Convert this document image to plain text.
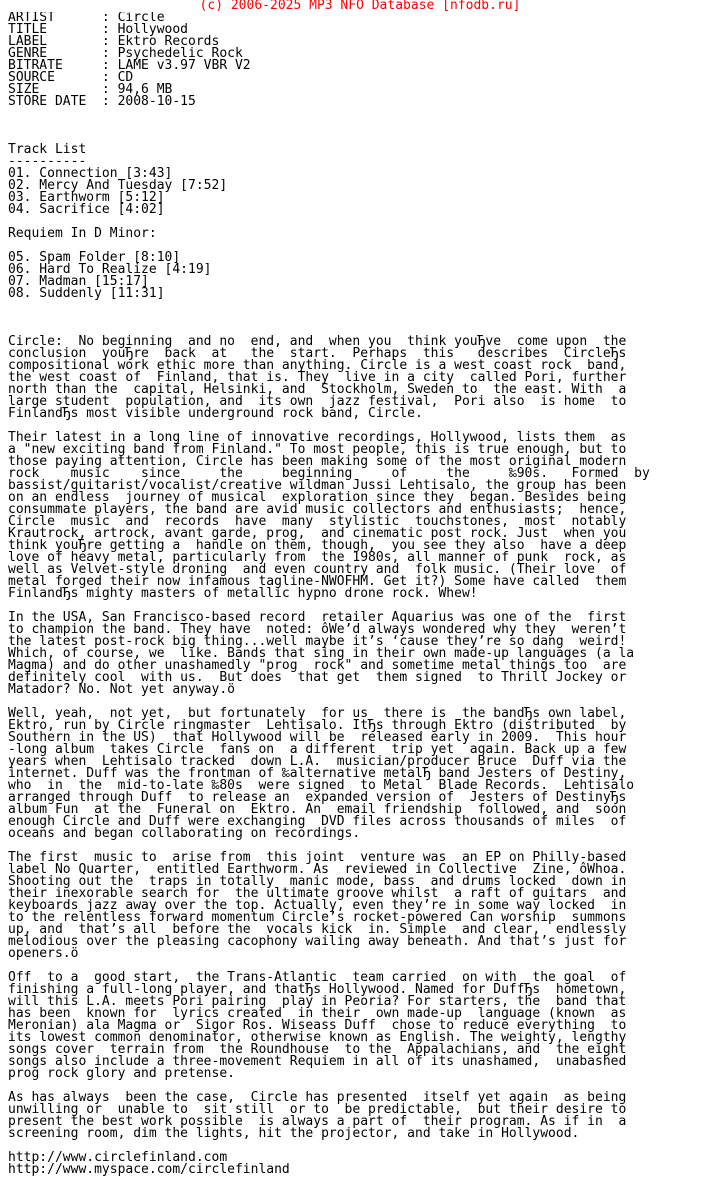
(c) 2006-2025 MP3 NFO Database [nfodb.ru]
ARTIST      : Circle
TITLE       : Hollywood
LABEL       : Ektro Records
GENRE       : Psychedelic Rock
BITRATE     : LAME v3.97 VBR V2
SOURCE      : CD
SIZE        : 94,6 MB
STORE DATE  : 2008-10-15
Track List
----------
01. Connection [3:43]
02. Mercy And Tuesday [7:52]
03. Earthworm [5:12]
04. Sacrifice [4:02]
Requiem In D Minor:
05. Spam Folder [8:10]
06. Hard To Realize [4:19]
07. Madman [15:17]
08. Suddenly [11:31]
Circle:  No beginning  and no  end, and  when you  think youЂve  come upon  the
conclusion  youЂre  back  at   the  start.  Perhaps  this   describes  CircleЂs
compositional work ethic more than anything. Circle is a west coast rock  band,
the west coast of  Finland, that is. They  live in a city  called Pori, further
north than the  capital, Helsinki, and  Stockholm, Sweden to  the east. With  a
large student  population, and  its own  jazz festival,  Pori also  is home  to
FinlandЂs most visible underground rock band, Circle.
Their latest in a long line of innovative recordings, Hollywood, lists them  as
a "new exciting band from Finland." To most people, this is true enough, but to
those paying attention, Circle has been making some of the most original modern
rock    music    since     the     beginning     of     the     ‰90s.   Formed  by
bassist/guitarist/vocalist/creative wildman Jussi Lehtisalo, the group has been
on an endless  journey of musical  exploration since they  began. Besides being
consummate players, the band are avid music collectors and enthusiasts;  hence,
Circle  music  and  records  have  many  stylistic  touchstones,  most  notably
Krautrock, artrock, avant garde, prog,  and cinematic post rock. Just  when you
think youЂre getting a  handle on them, though,  you see they also  have a deep
love of heavy metal, particularly from  the 1980s, all manner of punk  rock, as
well as Velvet-style droning  and even country and  folk music. (Their love  of
metal forged their now infamous tagline-NWOFHM. Get it?) Some have called  them
FinlandЂs mighty masters of metallic hypno drone rock. Whew!
In the USA, San Francisco-based record  retailer Aquarius was one of the  first
to champion the band. They have  noted: ôWe’d always wondered why they  weren’t
the latest post-rock big thing...well maybe it’s ‘cause they’re so dang  weird!
Which, of course, we  like. Bands that sing in their own made-up languages (a la
Magma) and do other unashamedly "prog  rock" and sometime metal things too  are
definitely cool  with us.  But does  that get  them signed  to Thrill Jockey or
Matador? No. Not yet anyway.ö
Well, yeah,  not yet,  but fortunately  for us  there is  the bandЂs own label,
Ektro, run by Circle ringmaster  Lehtisalo. ItЂs through Ektro (distributed  by
Southern in the US)  that Hollywood will be  released early in 2009.  This hour
-long album  takes Circle  fans on  a different  trip yet  again. Back up a few
years when  Lehtisalo tracked  down L.A.  musician/producer Bruce  Duff via the
internet. Duff was the frontman of ‰alternative metalЂ band Jesters of Destiny,
who  in  the  mid-to-late ‰80s  were signed  to Metal  Blade Records.  Lehtisalo
arranged through Duff  to release an  expanded version of  Jesters of DestinyЂs
album Fun  at the  Funeral on  Ektro. An  email friendship  followed, and  soon
enough Circle and Duff were exchanging  DVD files across thousands of miles  of
oceans and began collaborating on recordings.
The first  music to  arise from  this joint  venture was  an EP on Philly-based
label No Quarter,  entitled Earthworm. As  reviewed in Collective  Zine, ôWhoa.
Shooting out the  traps in totally  manic mode, bass  and drums locked  down in
their inexorable search for  the ultimate groove whilst  a raft of guitars  and
keyboards jazz away over the top. Actually, even they’re in some way locked  in
to the relentless forward momentum Circle’s rocket-powered Can worship  summons
up, and  that’s all  before the  vocals kick  in. Simple  and clear,  endlessly
melodious over the pleasing cacophony wailing away beneath. And that’s just for
openers.ö
Off  to a  good start,  the Trans-Atlantic  team carried  on with  the goal  of
finishing a full-long player, and thatЂs Hollywood. Named for DuffЂs  hometown,
will this L.A. meets Pori pairing  play in Peoria? For starters, the  band that
has been  known for  lyrics created  in their  own made-up  language (known  as
Meronian) ala Magma or  Sigor Ros. Wiseass Duff  chose to reduce everything  to
its lowest common denominator, otherwise known as English. The weighty, lengthy
songs cover  terrain from  the Roundhouse  to the  Appalachians, and  the eight
songs also include a three-movement Requiem in all of its unashamed,  unabashed
prog rock glory and pretense.
As has always  been the case,  Circle has presented  itself yet again  as being
unwilling or  unable to  sit still  or to  be predictable,  but their desire to
present the best work possible  is always a part of  their program. As if in  a
screening room, dim the lights, hit the projector, and take in Hollywood.
http://www.circlefinland.com
http://www.myspace.com/circlefinland
